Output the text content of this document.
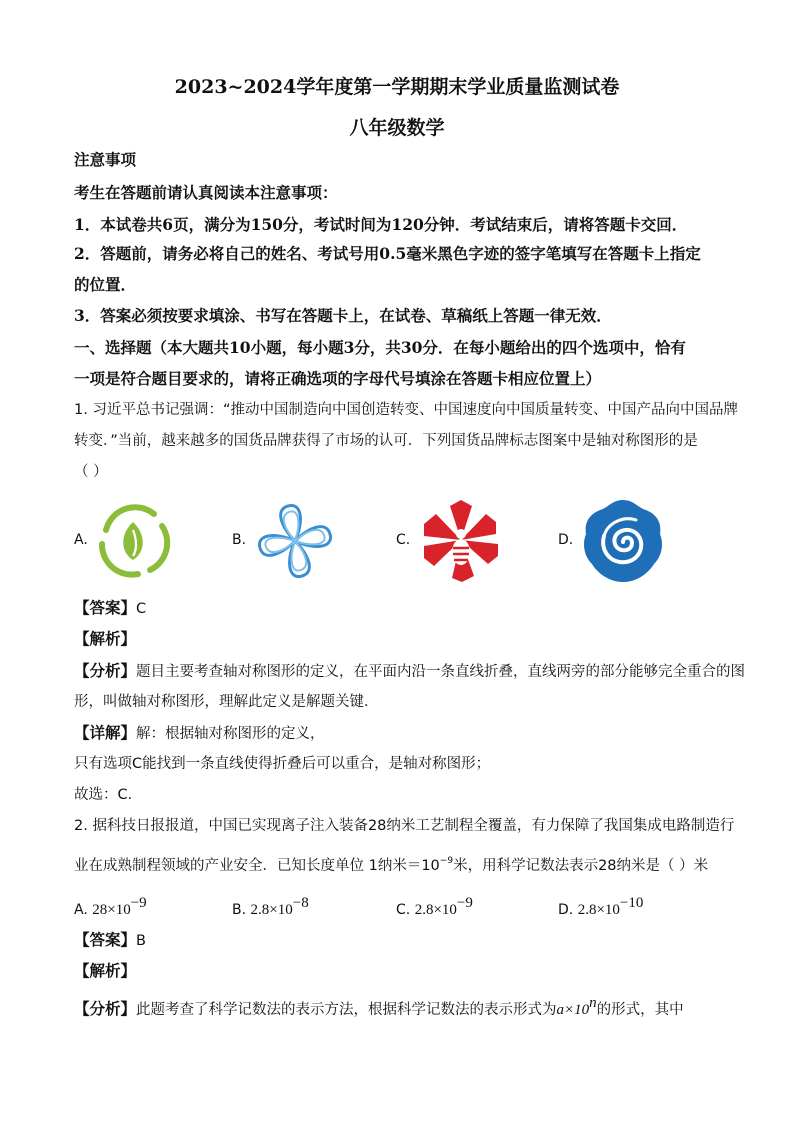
2023~2024学年度第一学期期末学业质量监测试卷
八年级数学
注意事项
考生在答题前请认真阅读本注意事项：
1．本试卷共6页，满分为150分，考试时间为120分钟．考试结束后，请将答题卡交回．
2．答题前，请务必将自己的姓名、考试号用0.5毫米黑色字迹的签字笔填写在答题卡上指定
的位置．
3．答案必须按要求填涂、书写在答题卡上，在试卷、草稿纸上答题一律无效．
一、选择题（本大题共10小题，每小题3分，共30分．在每小题给出的四个选项中，恰有
一项是符合题目要求的，请将正确选项的字母代号填涂在答题卡相应位置上）
1. 习近平总书记强调：“推动中国制造向中国创造转变、中国速度向中国质量转变、中国产品向中国品牌
转变．”当前，越来越多的国货品牌获得了市场的认可．下列国货品牌标志图案中是轴对称图形的是
（ ）
A.	B.	C.	D.
【答案】C
【解析】
【分析】题目主要考查轴对称图形的定义，在平面内沿一条直线折叠，直线两旁的部分能够完全重合的图
形，叫做轴对称图形，理解此定义是解题关键．
【详解】解：根据轴对称图形的定义，
只有选项C能找到一条直线使得折叠后可以重合，是轴对称图形；
故选：C．
2. 据科技日报报道，中国已实现离子注入装备28纳米工艺制程全覆盖，有力保障了我国集成电路制造行
业在成熟制程领域的产业安全．已知长度单位 1纳米$=10^{-9}$米，用科学记数法表示28纳米是（ ）米
A. $28\times 10^{-9}$	B. $2.8\times 10^{-8}$	C. $2.8\times 10^{-9}$	D. $2.8\times 10^{-10}$
【答案】B
【解析】
【分析】此题考查了科学记数法的表示方法，根据科学记数法的表示形式为$a\times 10^n$的形式，其中
